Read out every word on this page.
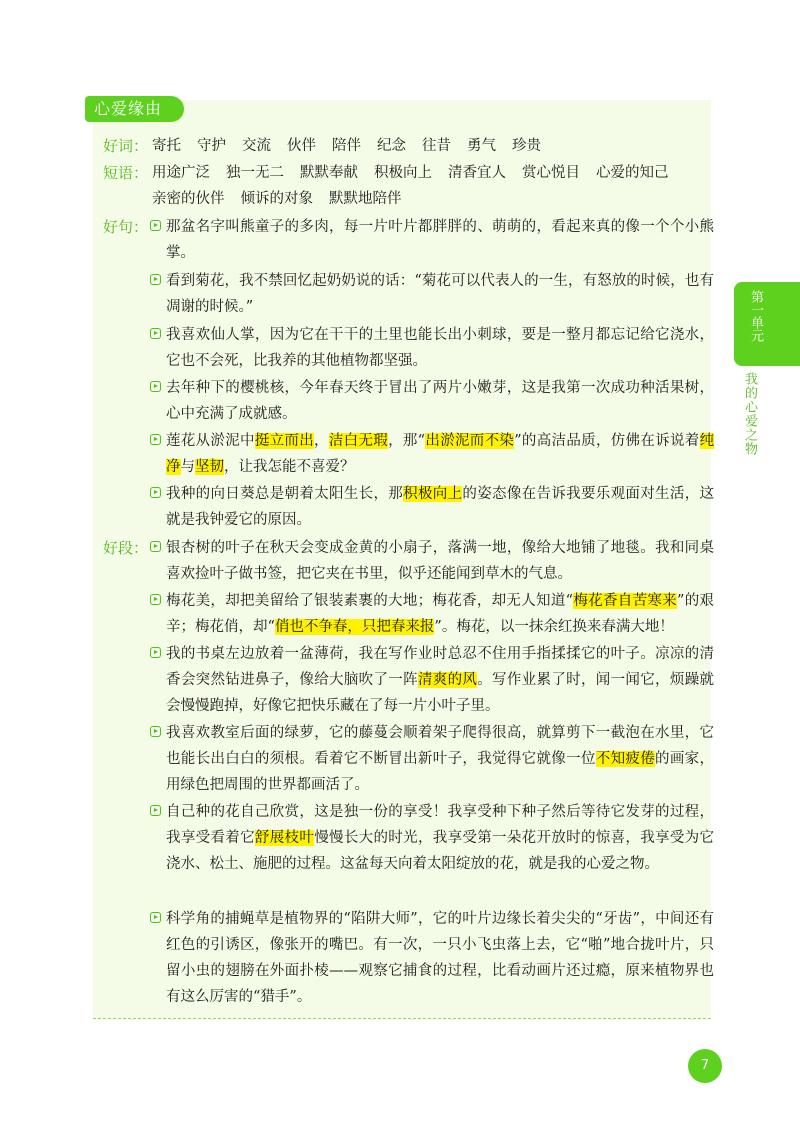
心爱缘由
好词： 寄托 守护 交流 伙伴 陪伴 纪念 往昔 勇气 珍贵
短语： 用途广泛 独一无二 默默奉献 积极向上 清香宜人 赏心悦目 心爱的知己
亲密的伙伴 倾诉的对象 默默地陪伴
好句：	那盆名字叫熊童子的多肉，每一片叶片都胖胖的、萌萌的，看起来真的像一个个小熊掌。
看到菊花，我不禁回忆起奶奶说的话：“菊花可以代表人的一生，有怒放的时候，也有凋谢的时候。”
我喜欢仙人掌，因为它在干干的土里也能长出小刺球，要是一整月都忘记给它浇水，它也不会死，比我养的其他植物都坚强。
去年种下的樱桃核，今年春天终于冒出了两片小嫩芽，这是我第一次成功种活果树，心中充满了成就感。
莲花从淤泥中挺立而出，洁白无瑕，那“出淤泥而不染”的高洁品质，仿佛在诉说着纯净与坚韧，让我怎能不喜爱？
我种的向日葵总是朝着太阳生长，那积极向上的姿态像在告诉我要乐观面对生活，这就是我钟爱它的原因。
好段：	银杏树的叶子在秋天会变成金黄的小扇子，落满一地，像给大地铺了地毯。我和同桌喜欢捡叶子做书签，把它夹在书里，似乎还能闻到草木的气息。
梅花美，却把美留给了银装素裹的大地；梅花香，却无人知道“梅花香自苦寒来”的艰辛；梅花俏，却“俏也不争春，只把春来报”。梅花，以一抹余红换来春满大地！
我的书桌左边放着一盆薄荷，我在写作业时总忍不住用手指揉揉它的叶子。凉凉的清香会突然钻进鼻子，像给大脑吹了一阵清爽的风。写作业累了时，闻一闻它，烦躁就会慢慢跑掉，好像它把快乐藏在了每一片小叶子里。
我喜欢教室后面的绿萝，它的藤蔓会顺着架子爬得很高，就算剪下一截泡在水里，它也能长出白白的须根。看着它不断冒出新叶子，我觉得它就像一位不知疲倦的画家，用绿色把周围的世界都画活了。
自己种的花自己欣赏，这是独一份的享受！我享受种下种子然后等待它发芽的过程，我享受看着它舒展枝叶慢慢长大的时光，我享受第一朵花开放时的惊喜，我享受为它浇水、松土、施肥的过程。这盆每天向着太阳绽放的花，就是我的心爱之物。
科学角的捕蝇草是植物界的“陷阱大师”，它的叶片边缘长着尖尖的“牙齿”，中间还有红色的引诱区，像张开的嘴巴。有一次，一只小飞虫落上去，它“啪”地合拢叶片，只留小虫的翅膀在外面扑棱——观察它捕食的过程，比看动画片还过瘾，原来植物界也有这么厉害的“猎手”。
第一单元
我的心爱之物
7
